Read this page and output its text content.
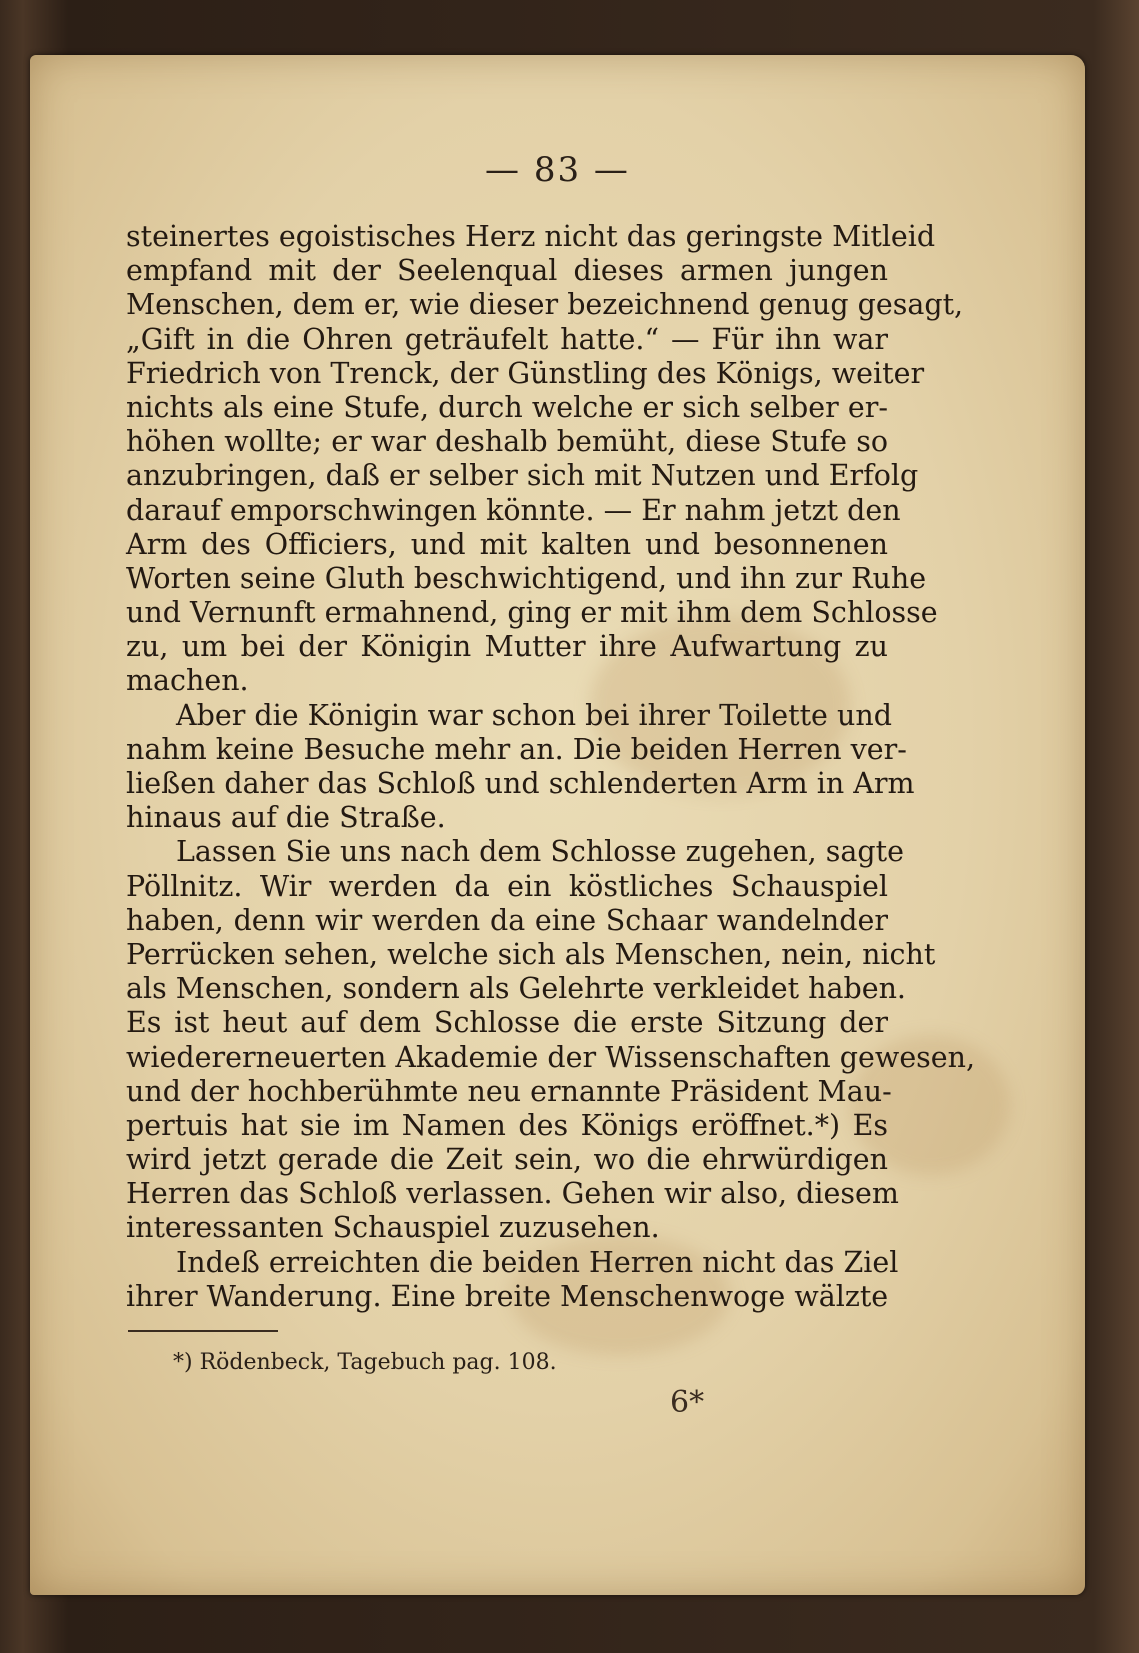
— 83 —
steinertes egoistisches Herz nicht das geringste Mitleid
empfand mit der Seelenqual dieses armen jungen
Menschen, dem er, wie dieser bezeichnend genug gesagt,
„Gift in die Ohren geträufelt hatte.“ — Für ihn war
Friedrich von Trenck, der Günstling des Königs, weiter
nichts als eine Stufe, durch welche er sich selber er-
höhen wollte; er war deshalb bemüht, diese Stufe so
anzubringen, daß er selber sich mit Nutzen und Erfolg
darauf emporschwingen könnte. — Er nahm jetzt den
Arm des Officiers, und mit kalten und besonnenen
Worten seine Gluth beschwichtigend, und ihn zur Ruhe
und Vernunft ermahnend, ging er mit ihm dem Schlosse
zu, um bei der Königin Mutter ihre Aufwartung zu
machen.
Aber die Königin war schon bei ihrer Toilette und
nahm keine Besuche mehr an. Die beiden Herren ver-
ließen daher das Schloß und schlenderten Arm in Arm
hinaus auf die Straße.
Lassen Sie uns nach dem Schlosse zugehen, sagte
Pöllnitz. Wir werden da ein köstliches Schauspiel
haben, denn wir werden da eine Schaar wandelnder
Perrücken sehen, welche sich als Menschen, nein, nicht
als Menschen, sondern als Gelehrte verkleidet haben.
Es ist heut auf dem Schlosse die erste Sitzung der
wiedererneuerten Akademie der Wissenschaften gewesen,
und der hochberühmte neu ernannte Präsident Mau-
pertuis hat sie im Namen des Königs eröffnet.*) Es
wird jetzt gerade die Zeit sein, wo die ehrwürdigen
Herren das Schloß verlassen. Gehen wir also, diesem
interessanten Schauspiel zuzusehen.
Indeß erreichten die beiden Herren nicht das Ziel
ihrer Wanderung. Eine breite Menschenwoge wälzte
*) Rödenbeck, Tagebuch pag. 108.
6*
